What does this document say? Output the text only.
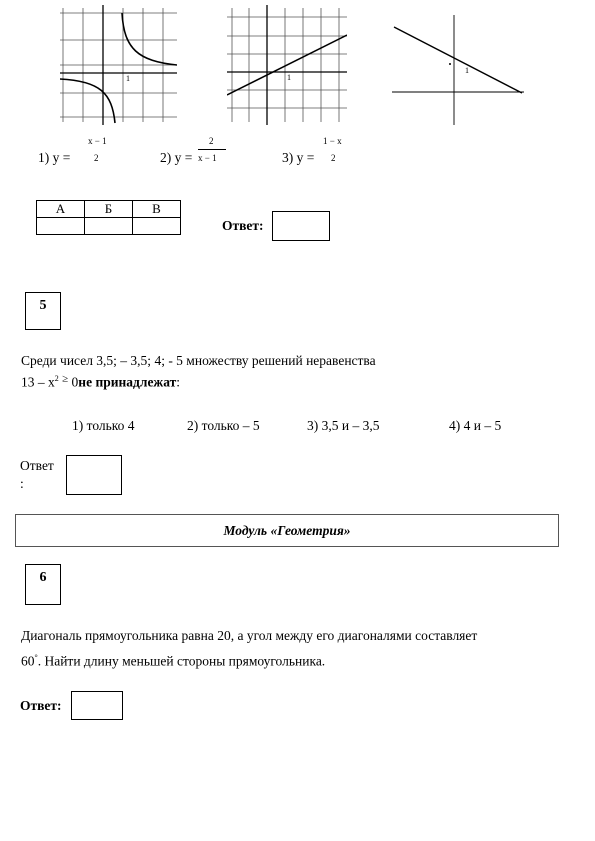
1	1
1
1) y =
x − 1
2	2) y =
2
x − 1	3) y =
1 − x
2
А	Б	В

Ответ:
5
Среди чисел 3,5; – 3,5; 4; - 5 множеству решений неравенства
$13 - x^2$ ≥ 0не принадлежат:
1) только 4	2) только – 5	3) 3,5 и – 3,5	4) 4 и – 5
Ответ
:
Модуль «Геометрия»
6
Диагональ прямоугольника равна 20, а угол между его диагоналями составляет
60°. Найти длину меньшей стороны прямоугольника.
Ответ:
